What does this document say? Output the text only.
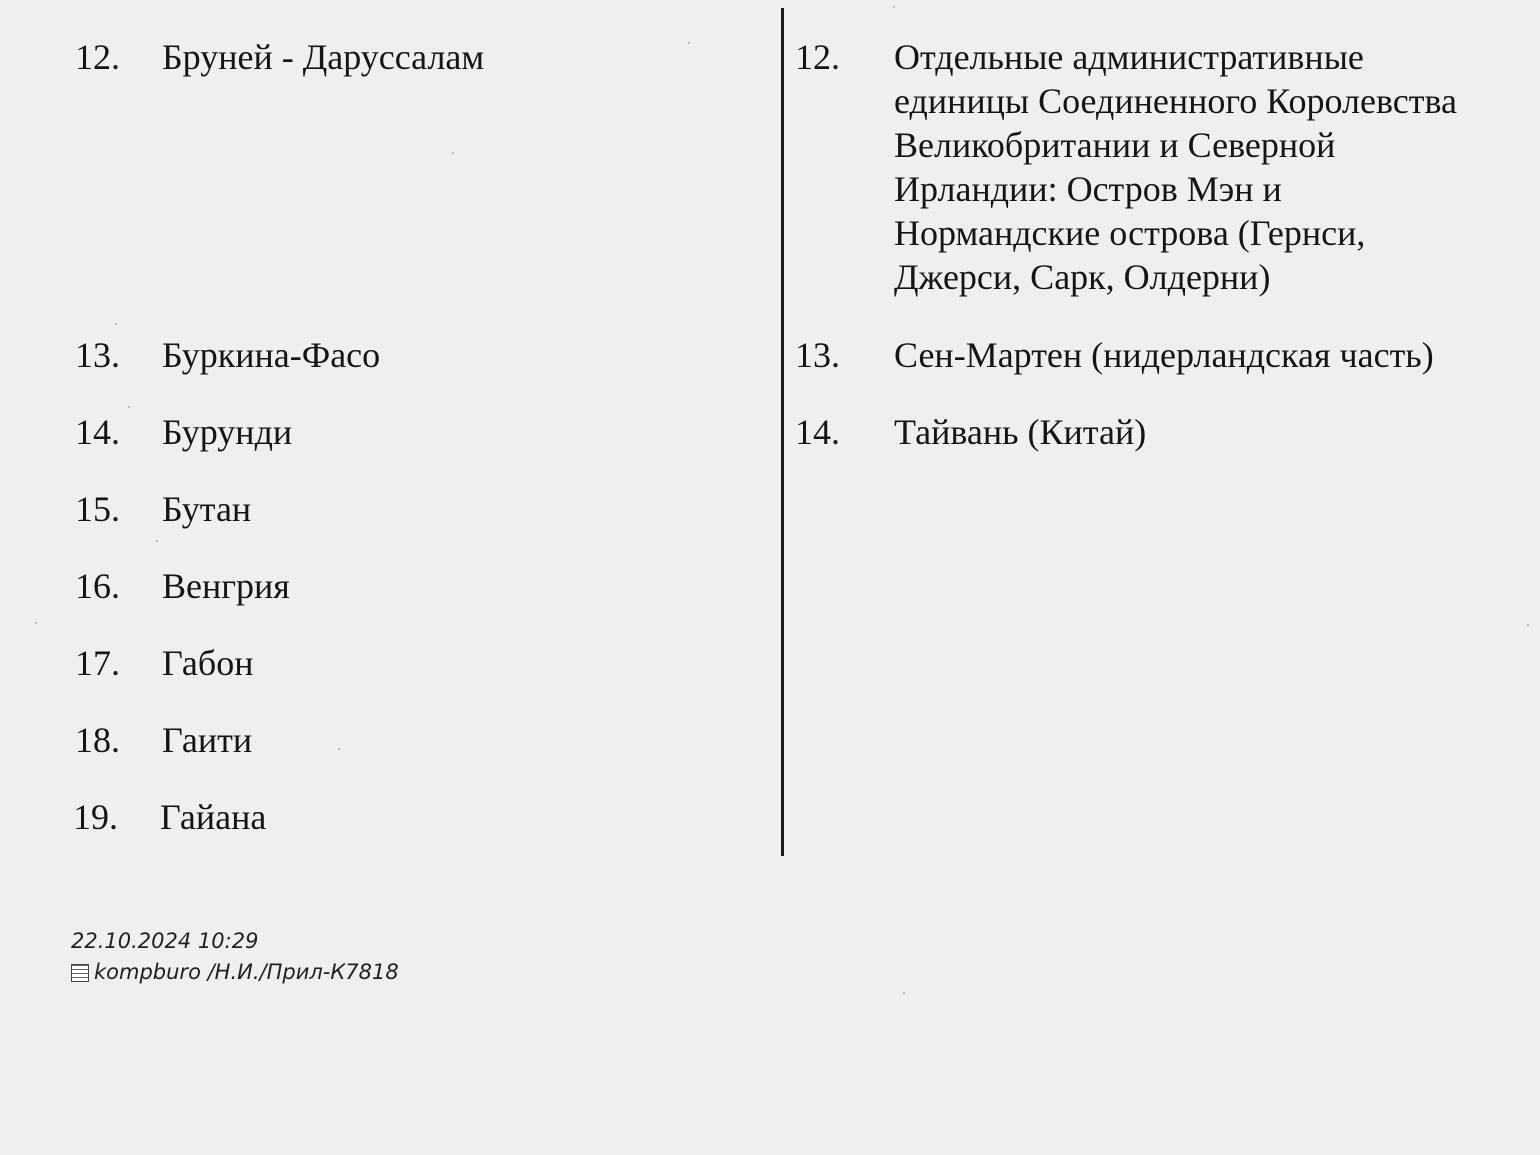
12. Бруней - Даруссалам
13. Буркина-Фасо
14. Бурунди
15. Бутан
16. Венгрия
17. Габон
18. Гаити
19. Гайана
12. Отдельные административные
единицы Соединенного Королевства
Великобритании и Северной
Ирландии: Остров Мэн и
Нормандские острова (Гернси,
Джерси, Сарк, Олдерни)
13. Сен-Мартен (нидерландская часть)
14. Тайвань (Китай)
22.10.2024 10:29
kompburo /Н.И./Прил-К7818
